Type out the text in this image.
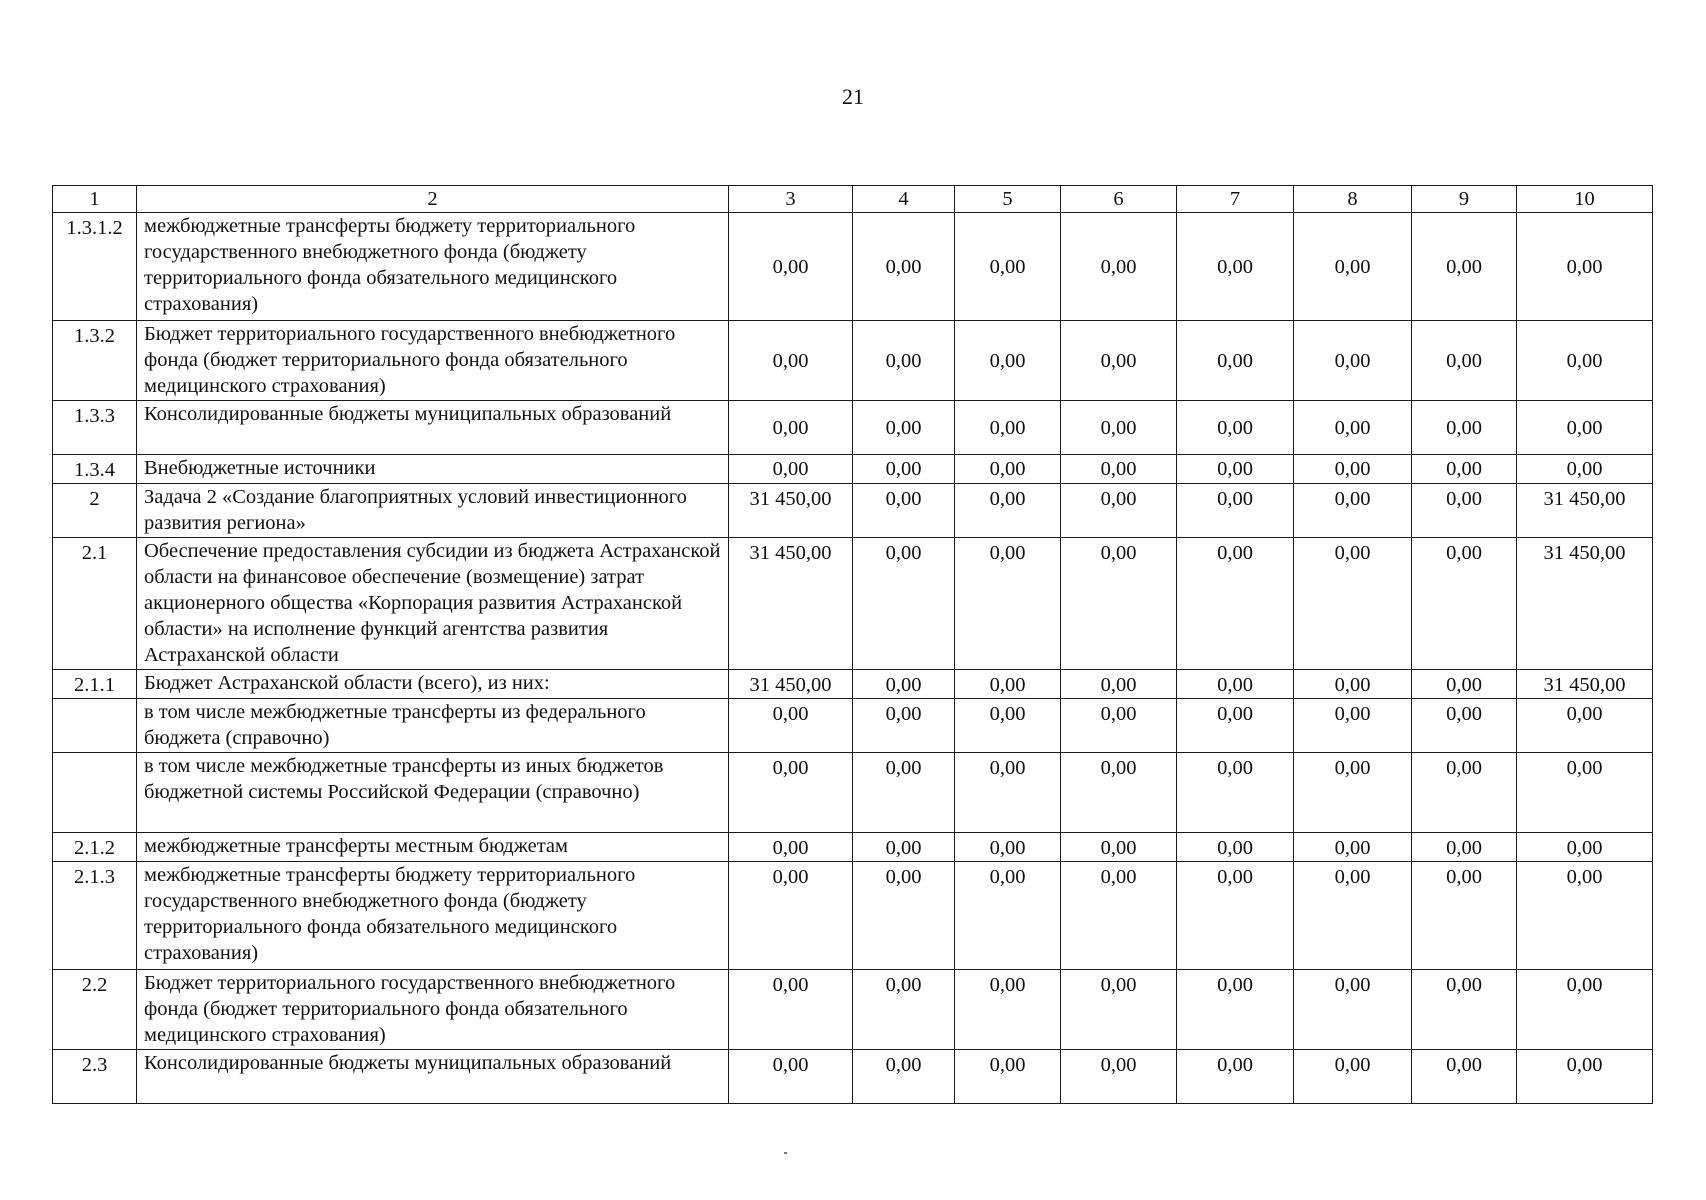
21
1	2	3	4	5	6	7	8	9	10
1.3.1.2	межбюджетные трансферты бюджету территориального государственного внебюджетного фонда (бюджету территориального фонда обязательного медицинского страхования)	0,00	0,00	0,00	0,00	0,00	0,00	0,00	0,00
1.3.2	Бюджет территориального государственного внебюджетного фонда (бюджет территориального фонда обязательного медицинского страхования)	0,00	0,00	0,00	0,00	0,00	0,00	0,00	0,00
1.3.3	Консолидированные бюджеты муниципальных образований	0,00	0,00	0,00	0,00	0,00	0,00	0,00	0,00
1.3.4	Внебюджетные источники	0,00	0,00	0,00	0,00	0,00	0,00	0,00	0,00
2	Задача 2 «Создание благоприятных условий инвестиционного развития региона»	31 450,00	0,00	0,00	0,00	0,00	0,00	0,00	31 450,00
2.1	Обеспечение предоставления субсидии из бюджета Астраханской области на финансовое обеспечение (возмещение) затрат акционерного общества «Корпорация развития Астраханской области» на исполнение функций агентства развития Астраханской области	31 450,00	0,00	0,00	0,00	0,00	0,00	0,00	31 450,00
2.1.1	Бюджет Астраханской области (всего), из них:	31 450,00	0,00	0,00	0,00	0,00	0,00	0,00	31 450,00
	в том числе межбюджетные трансферты из федерального бюджета (справочно)	0,00	0,00	0,00	0,00	0,00	0,00	0,00	0,00
	в том числе межбюджетные трансферты из иных бюджетов бюджетной системы Российской Федерации (справочно)	0,00	0,00	0,00	0,00	0,00	0,00	0,00	0,00
2.1.2	межбюджетные трансферты местным бюджетам	0,00	0,00	0,00	0,00	0,00	0,00	0,00	0,00
2.1.3	межбюджетные трансферты бюджету территориального государственного внебюджетного фонда (бюджету территориального фонда обязательного медицинского страхования)	0,00	0,00	0,00	0,00	0,00	0,00	0,00	0,00
2.2	Бюджет территориального государственного внебюджетного фонда (бюджет территориального фонда обязательного медицинского страхования)	0,00	0,00	0,00	0,00	0,00	0,00	0,00	0,00
2.3	Консолидированные бюджеты муниципальных образований	0,00	0,00	0,00	0,00	0,00	0,00	0,00	0,00
